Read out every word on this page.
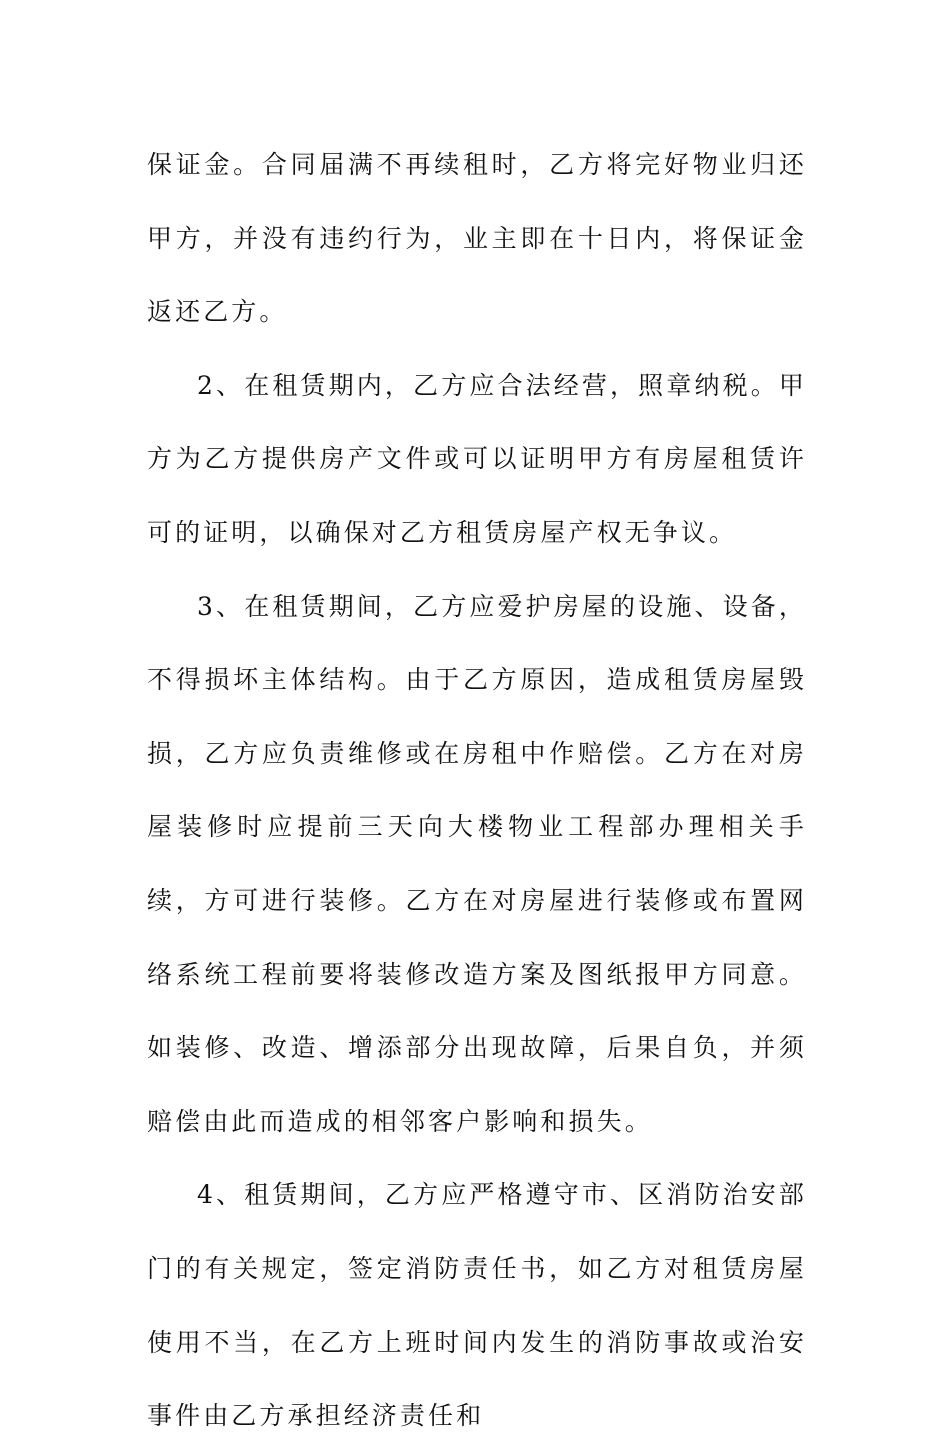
保证金。合同届满不再续租时，乙方将完好物业归还甲方，并没有违约行为，业主即在十日内，将保证金返还乙方。

2、在租赁期内，乙方应合法经营，照章纳税。甲方为乙方提供房产文件或可以证明甲方有房屋租赁许可的证明，以确保对乙方租赁房屋产权无争议。

3、在租赁期间，乙方应爱护房屋的设施、设备，不得损坏主体结构。由于乙方原因，造成租赁房屋毁损，乙方应负责维修或在房租中作赔偿。乙方在对房屋装修时应提前三天向大楼物业工程部办理相关手续，方可进行装修。乙方在对房屋进行装修或布置网络系统工程前要将装修改造方案及图纸报甲方同意。如装修、改造、增添部分出现故障，后果自负，并须赔偿由此而造成的相邻客户影响和损失。

4、租赁期间，乙方应严格遵守市、区消防治安部门的有关规定，签定消防责任书，如乙方对租赁房屋使用不当，在乙方上班时间内发生的消防事故或治安事件由乙方承担经济责任和
